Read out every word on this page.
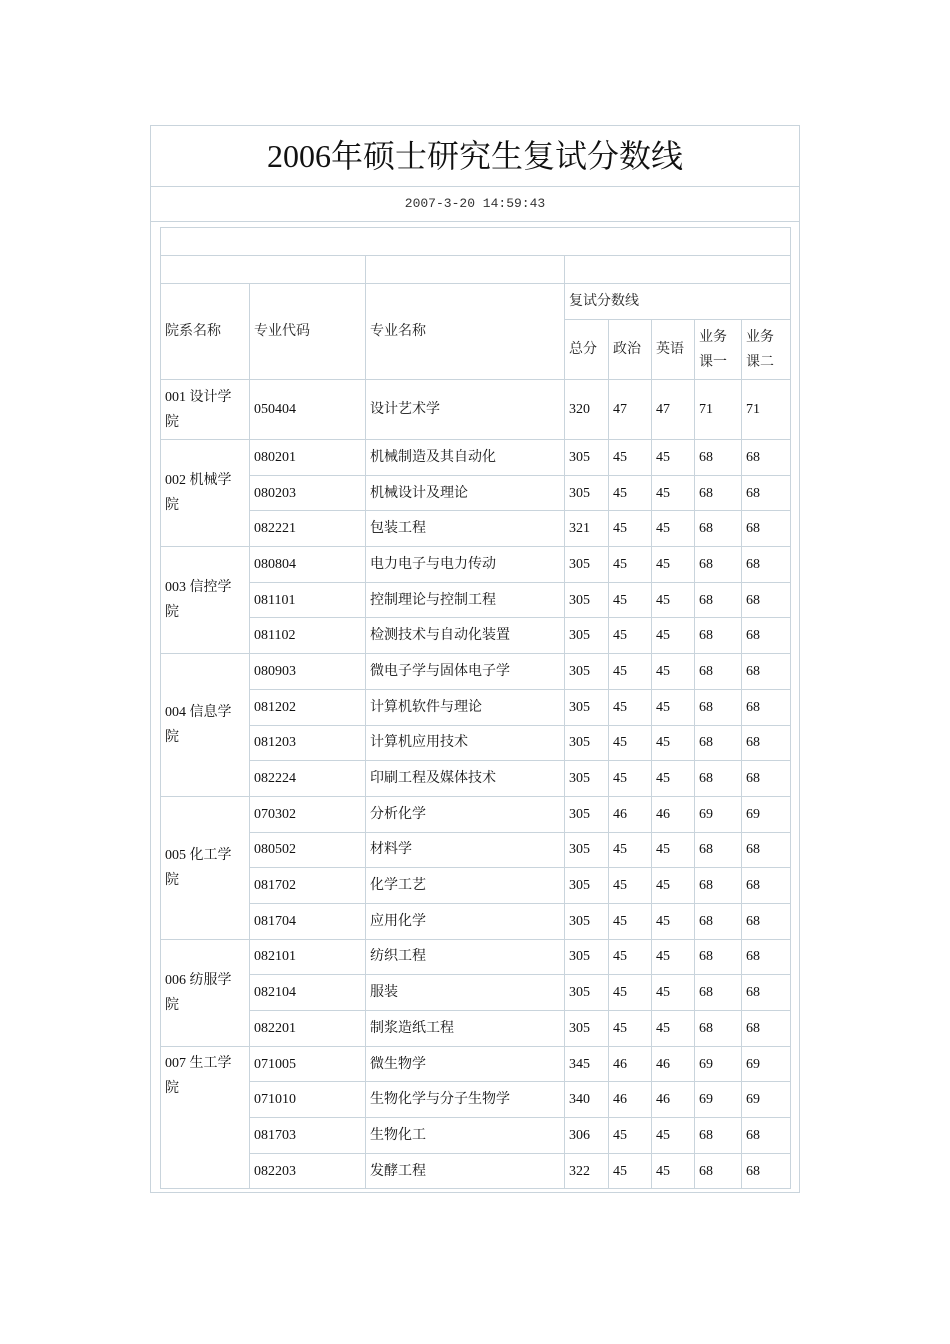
2006年硕士研究生复试分数线
2007-3-20 14:59:43

院系名称	专业代码	专业名称	复试分数线				
			总分	政治	英语	业务课一	业务课二
001 设计学院	050404	设计艺术学	320	47	47	71	71
002 机械学院	080201	机械制造及其自动化	305	45	45	68	68
	080203	机械设计及理论	305	45	45	68	68
	082221	包装工程	321	45	45	68	68
003 信控学院	080804	电力电子与电力传动	305	45	45	68	68
	081101	控制理论与控制工程	305	45	45	68	68
	081102	检测技术与自动化装置	305	45	45	68	68
004 信息学院	080903	微电子学与固体电子学	305	45	45	68	68
	081202	计算机软件与理论	305	45	45	68	68
	081203	计算机应用技术	305	45	45	68	68
	082224	印刷工程及媒体技术	305	45	45	68	68
005 化工学院	070302	分析化学	305	46	46	69	69
	080502	材料学	305	45	45	68	68
	081702	化学工艺	305	45	45	68	68
	081704	应用化学	305	45	45	68	68
006 纺服学院	082101	纺织工程	305	45	45	68	68
	082104	服装	305	45	45	68	68
	082201	制浆造纸工程	305	45	45	68	68
007 生工学院	071005	微生物学	345	46	46	69	69
	071010	生物化学与分子生物学	340	46	46	69	69
	081703	生物化工	306	45	45	68	68
	082203	发酵工程	322	45	45	68	68
